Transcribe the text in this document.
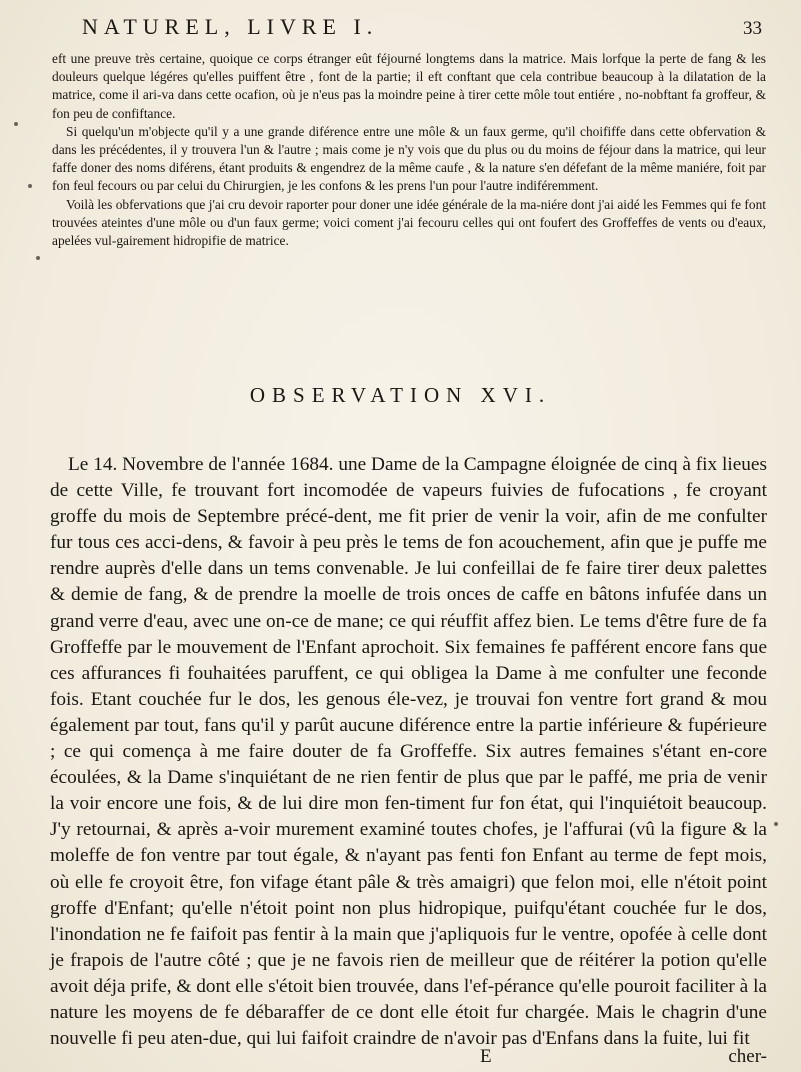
NATUREL, LIVRE I.	33

eft une preuve très certaine, quoique ce corps étranger eût féjourné longtems dans la matrice. Mais lorfque la perte de fang & les douleurs quelque légéres qu'elles puiffent être , font de la partie; il eft conftant que cela contribue beaucoup à la dilatation de la matrice, come il ari-va dans cette ocafion, où je n'eus pas la moindre peine à tirer cette môle tout entiére , no-nobftant fa groffeur, & fon peu de confiftance.

Si quelqu'un m'objecte qu'il y a une grande diférence entre une môle & un faux germe, qu'il choififfe dans cette obfervation & dans les précédentes, il y trouvera l'un & l'autre ; mais come je n'y vois que du plus ou du moins de féjour dans la matrice, qui leur faffe doner des noms diférens, étant produits & engendrez de la même caufe , & la nature s'en défefant de la même maniére, foit par fon feul fecours ou par celui du Chirurgien, je les confons & les prens l'un pour l'autre indiféremment.

Voilà les obfervations que j'ai cru devoir raporter pour doner une idée générale de la ma-niére dont j'ai aidé les Femmes qui fe font trouvées ateintes d'une môle ou d'un faux germe; voici coment j'ai fecouru celles qui ont foufert des Groffeffes de vents ou d'eaux, apelées vul-gairement hidropifie de matrice.

OBSERVATION XVI.

Le 14. Novembre de l'année 1684. une Dame de la Campagne éloignée de cinq à fix lieues de cette Ville, fe trouvant fort incomodée de vapeurs fuivies de fufocations , fe croyant groffe du mois de Septembre précé-dent, me fit prier de venir la voir, afin de me confulter fur tous ces acci-dens, & favoir à peu près le tems de fon acouchement, afin que je puffe me rendre auprès d'elle dans un tems convenable. Je lui confeillai de fe faire tirer deux palettes & demie de fang, & de prendre la moelle de trois onces de caffe en bâtons infufée dans un grand verre d'eau, avec une on-ce de mane; ce qui réuffit affez bien. Le tems d'être fure de fa Groffeffe par le mouvement de l'Enfant aprochoit. Six femaines fe pafférent encore fans que ces affurances fi fouhaitées paruffent, ce qui obligea la Dame à me confulter une feconde fois. Etant couchée fur le dos, les genous éle-vez, je trouvai fon ventre fort grand & mou également par tout, fans qu'il y parût aucune diférence entre la partie inférieure & fupérieure ; ce qui comença à me faire douter de fa Groffeffe. Six autres femaines s'étant en-core écoulées, & la Dame s'inquiétant de ne rien fentir de plus que par le paffé, me pria de venir la voir encore une fois, & de lui dire mon fen-timent fur fon état, qui l'inquiétoit beaucoup. J'y retournai, & après a-voir murement examiné toutes chofes, je l'affurai (vû la figure & la moleffe de fon ventre par tout égale, & n'ayant pas fenti fon Enfant au terme de fept mois, où elle fe croyoit être, fon vifage étant pâle & très amaigri) que felon moi, elle n'étoit point groffe d'Enfant; qu'elle n'étoit point non plus hidropique, puifqu'étant couchée fur le dos, l'inondation ne fe faifoit pas fentir à la main que j'apliquois fur le ventre, opofée à celle dont je frapois de l'autre côté ; que je ne favois rien de meilleur que de réitérer la potion qu'elle avoit déja prife, & dont elle s'étoit bien trouvée, dans l'ef-pérance qu'elle pouroit faciliter à la nature les moyens de fe débaraffer de ce dont elle étoit fur chargée. Mais le chagrin d'une nouvelle fi peu aten-due, qui lui faifoit craindre de n'avoir pas d'Enfans dans la fuite, lui fit

E	cher-
